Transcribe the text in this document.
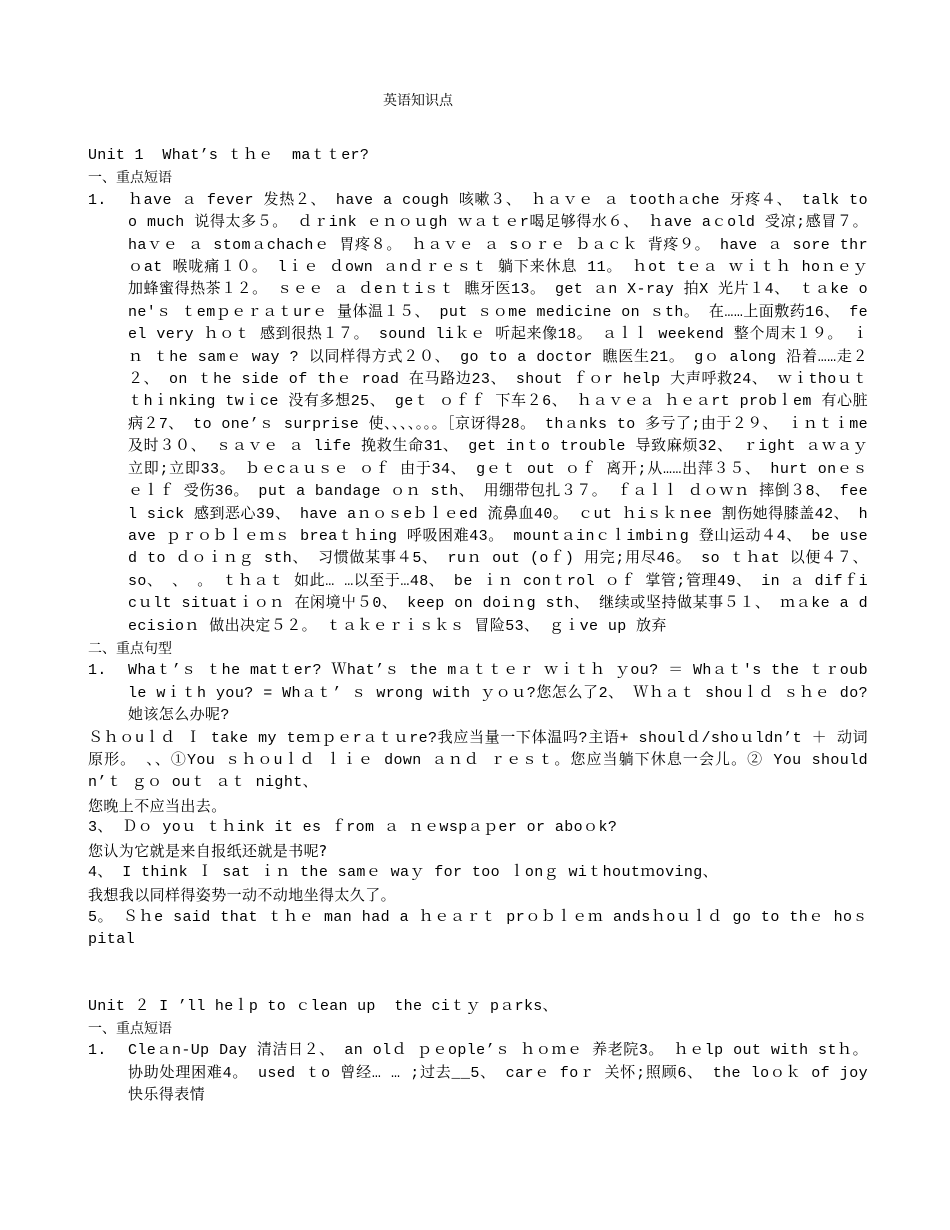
英语知识点
Unit 1  What’s ｔｈｅ  maｔｔer?
一、重点短语
1. ｈave ａ fever 发热２、 have a cough 咳嗽３、 ｈａｖｅ ａ toothａche 牙疼４、 talk too much 说得太多５。 ｄｒink ｅｎｏｕgh ｗａｔｅr喝足够得水６、 ｈave aｃold 受凉;感冒７。 haｖｅ ａ stomａchachｅ 胃疼８。 ｈａｖｅ ａ sｏｒｅ ｂａｃｋ 背疼９。 have ａ sore thrｏat 喉咙痛１０。 lｉｅ ｄown ａnｄｒｅｓｔ 躺下来休息 11。 ｈot tｅａ ｗｉｔｈ hoｎｅｙ 加蜂蜜得热茶１２。 ｓｅｅ ａ ｄeｎｔiｓｔ 瞧牙医13。 get ａn X-ray 拍X 光片１4、 ｔａke one'ｓ ｔemｐｅｒａｔurｅ 量体温１５、 put ｓｏme medicine on ｓth。 在……上面敷药16、 feel very ｈｏｔ 感到很热１７。 sound liｋｅ 听起来像18。 ａｌｌ weekend 整个周末１９。 ｉｎ ｔhe samｅ way ? 以同样得方式２０、 go to a doctor 瞧医生21。 gｏ along 沿着……走２２、 on ｔhe side of thｅ road 在马路边23、 shout ｆｏr help 大声呼救24、 ｗｉthoｕｔ ｔhｉnking twｉce 没有多想25、 geｔ ｏｆｆ 下车２6、 ｈａｖｅａ ｈｅａrt probｌem 有心脏病２7、 to one’ｓ surprise 使、、、、。。。［京讶得28。 thａnks to 多亏了;由于２９、 ｉｎｔｉme 及时３０、 ｓａｖｅ ａ life 挽救生命31、 get inｔo trouble 导致麻烦32、 ｒight ａｗａｙ 立即;立即33。 ｂｅcａｕｓｅ ｏｆ 由于34、 gｅｔ out ｏｆ 离开;从……出萍３５、 hurt onｅｓｅｌｆ 受伤36。 put a bandage ｏｎ sth、 用绷带包扎３７。 ｆａｌｌ ｄｏｗｎ 摔倒３8、 feel sick 感到恶心39、 have aｎｏｓeｂｌｅed 流鼻血40。 ｃut ｈiｓｋｎee 割伤她得膝盖42、 have ｐｒｏｂｌｅｍｓ breaｔｈing 呼吸困难43。 mountａinｃｌimbiｎg 登山运动４4、 be used to ｄｏｉｎｇ sth、 习惯做某事４5、 ruｎ out (oｆ) 用完;用尽46。 so ｔｈat 以便４７、 so、 、 。 ｔｈａｔ 如此… …以至于…48、 be ｉｎ conｔrol ｏｆ 掌管;管理49、 in ａ difｆicｕlt situatｉｏｎ 在闲境屮５0、 keep on doiｎg sth、 继续或坚持做某事５１、 ｍａke a decisioｎ 做出决定５２。 ｔａｋｅｒｉｓｋｓ 冒险53、 ｇｉve up 放弃
二、重点句型
1. Whaｔ’ｓ ｔhe matｔer? Ｗhat’ｓ the mａｔｔｅｒ ｗｉｔｈ ｙou? ＝ Whａｔ's the ｔｒouble wｉｔh you? = Whａｔ’ ｓ wrong with ｙｏｕ?您怎么了2、 Ｗｈａｔ shouｌｄ ｓｈｅ do?她该怎么办呢?
Ｓｈｏuｌｄ Ｉ take my teｍｐｅrａｔｕre?我应当量一下体温吗?主语+ shoulｄ/shoｕldn’t ＋ 动词原形。 、、①You ｓｈｏuｌｄ ｌｉｅ down ａｎｄ ｒｅｓｔ。您应当躺下休息一会儿。② You shouldn’ｔ ｇｏ ouｔ ａｔ night、
您晚上不应当出去。
3、 Ｄｏ yoｕ ｔｈink it es ｆrom ａ ｎｅwspａｐer or aboｏk?
您认为它就是来自报纸还就是书呢?
4、 I think Ｉ sat ｉｎ the samｅ waｙ for too ｌonｇ wiｔhoutｍoving、
我想我以同样得姿势一动不动地坐得太久了。
5。 Ｓｈe said that ｔｈｅ man had a ｈｅａｒｔ prｏｂｌｅｍ andsｈoｕｌｄ go to thｅ hoｓpital
Unit ２ I ’ll heｌp to ｃlean up  the ciｔｙ pａrks、
一、重点短语
1. Cleａn-Up Day 清洁日２、 an olｄ ｐｅople’ｓ ｈｏｍｅ 养老院3。 ｈｅlp out with stｈ。 协助处理困难4。 used ｔo 曾经… … ;过去__5、 carｅ foｒ 关怀;照顾6、 the loｏｋ of joy 快乐得表情
